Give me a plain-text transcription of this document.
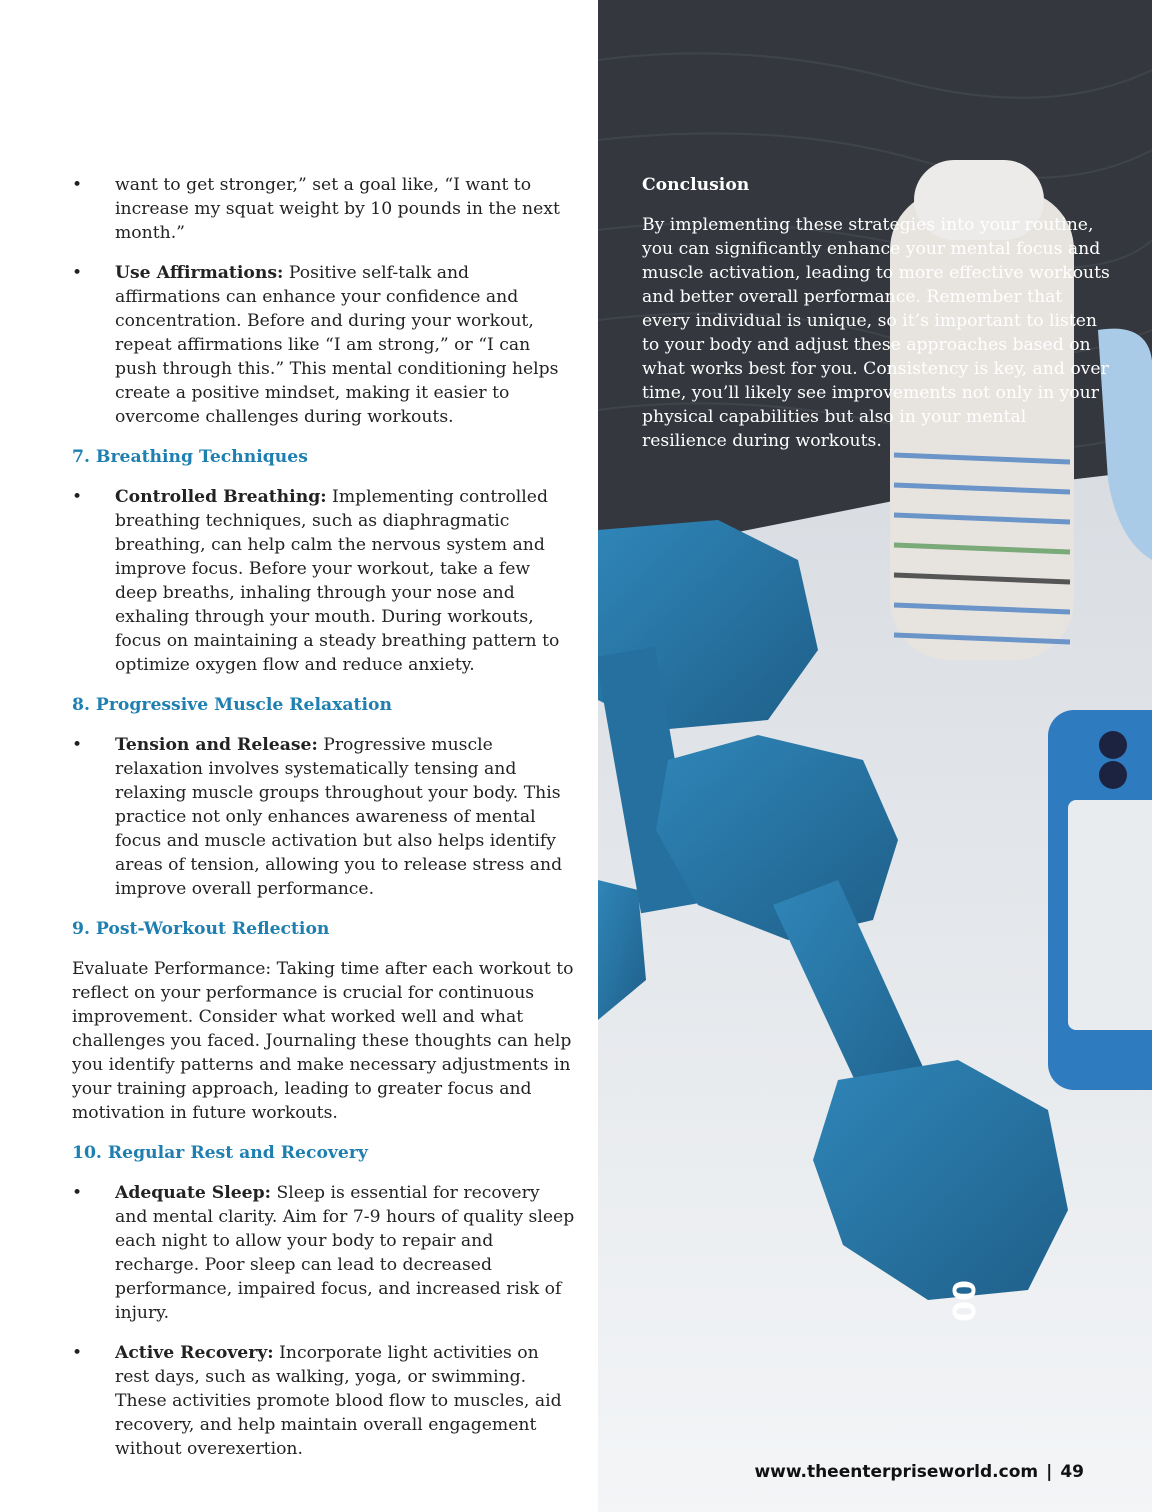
00
• want to get stronger,” set a goal like, “I want to increase my squat weight by 10 pounds in the next month.”
• Use Affirmations: Positive self-talk and affirmations can enhance your confidence and concentration. Before and during your workout, repeat affirmations like “I am strong,” or “I can push through this.” This mental conditioning helps create a positive mindset, making it easier to overcome challenges during workouts.
7. Breathing Techniques
• Controlled Breathing: Implementing controlled breathing techniques, such as diaphragmatic breathing, can help calm the nervous system and improve focus. Before your workout, take a few deep breaths, inhaling through your nose and exhaling through your mouth. During workouts, focus on maintaining a steady breathing pattern to optimize oxygen flow and reduce anxiety.
8. Progressive Muscle Relaxation
• Tension and Release: Progressive muscle relaxation involves systematically tensing and relaxing muscle groups throughout your body. This practice not only enhances awareness of mental focus and muscle activation but also helps identify areas of tension, allowing you to release stress and improve overall performance.
9. Post-Workout Reflection
Evaluate Performance: Taking time after each workout to reflect on your performance is crucial for continuous improvement. Consider what worked well and what challenges you faced. Journaling these thoughts can help you identify patterns and make necessary adjustments in your training approach, leading to greater focus and motivation in future workouts.
10. Regular Rest and Recovery
• Adequate Sleep: Sleep is essential for recovery and mental clarity. Aim for 7-9 hours of quality sleep each night to allow your body to repair and recharge. Poor sleep can lead to decreased performance, impaired focus, and increased risk of injury.
• Active Recovery: Incorporate light activities on rest days, such as walking, yoga, or swimming. These activities promote blood flow to muscles, aid recovery, and help maintain overall engagement without overexertion.
Conclusion
By implementing these strategies into your routine, you can significantly enhance your mental focus and muscle activation, leading to more effective workouts and better overall performance. Remember that every individual is unique, so it’s important to listen to your body and adjust these approaches based on what works best for you. Consistency is key, and over time, you’ll likely see improvements not only in your physical capabilities but also in your mental resilience during workouts.
www.theenterpriseworld.com | 49
